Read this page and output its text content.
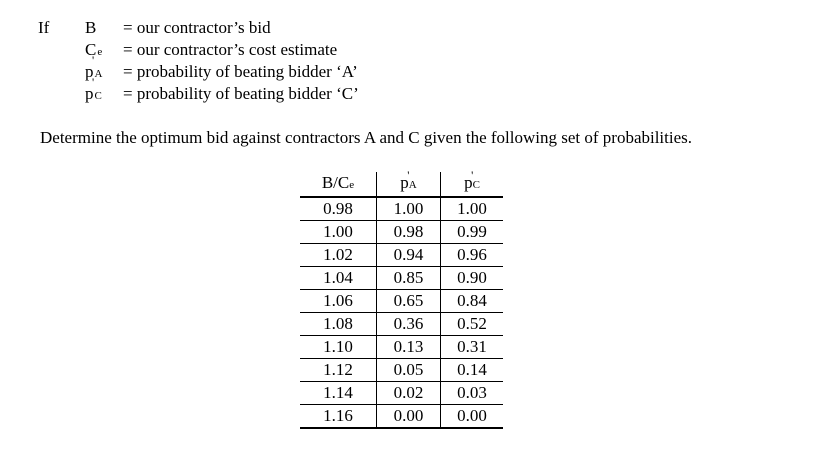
If B = our contractor’s bid
Ce = our contractor’s cost estimate
' pA = probability of beating bidder ‘A’
' pC = probability of beating bidder ‘C’
Determine the optimum bid against contractors A and C given the following set of probabilities.
B/Ce	' pA	' pC
0.98	1.00	1.00
1.00	0.98	0.99
1.02	0.94	0.96
1.04	0.85	0.90
1.06	0.65	0.84
1.08	0.36	0.52
1.10	0.13	0.31
1.12	0.05	0.14
1.14	0.02	0.03
1.16	0.00	0.00
